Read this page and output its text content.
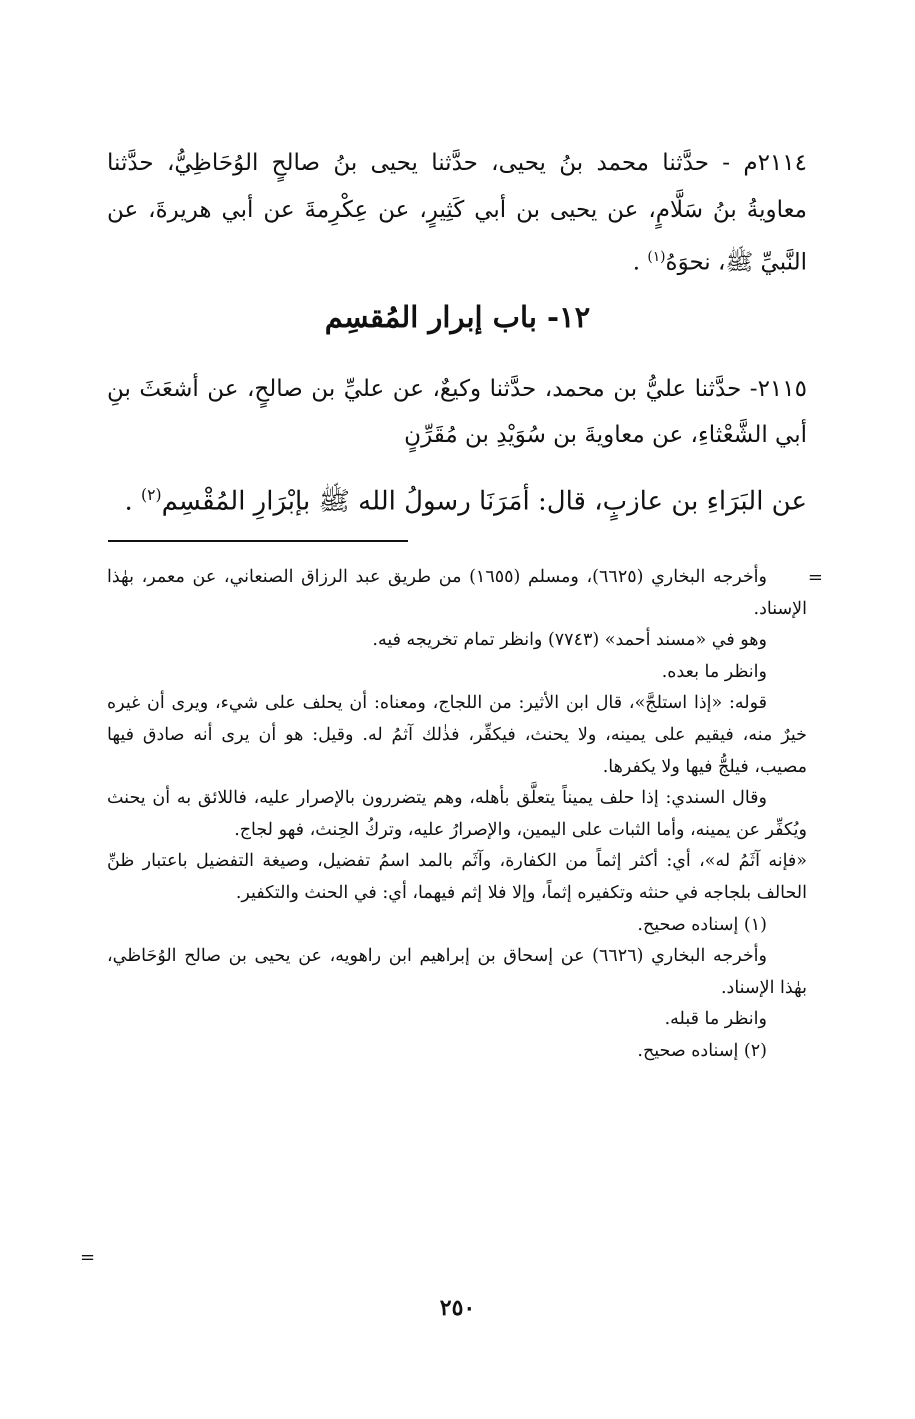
٢١١٤م - حدَّثنا محمد بنُ يحيى، حدَّثنا يحيى بنُ صالحٍ الوُحَاظِيُّ، حدَّثنا معاويةُ بنُ سَلَّامٍ، عن يحيى بن أبي كَثِيرٍ، عن عِكْرِمةَ عن أبي هريرةَ، عن النَّبيِّ ﷺ، نحوَهُ$^{(١)}$ .

١٢- باب إبرار المُقسِم

٢١١٥- حدَّثنا عليُّ بن محمد، حدَّثنا وكيعٌ، عن عليِّ بن صالحٍ، عن أشعَثَ بنِ أبي الشَّعْثاءِ، عن معاويةَ بن سُوَيْدِ بن مُقَرِّنٍ

عن البَرَاءِ بن عازبٍ، قال: أمَرَنَا رسولُ الله ﷺ بإبْرَارِ المُقْسِم$^{(٢)}$ .

=

وأخرجه البخاري (٦٦٢٥)، ومسلم (١٦٥٥) من طريق عبد الرزاق الصنعاني، عن معمر، بهٰذا الإسناد.

وهو في «مسند أحمد» (٧٧٤٣) وانظر تمام تخريجه فيه.

وانظر ما بعده.

قوله: «إذا استلجَّ»، قال ابن الأثير: من اللجاج، ومعناه: أن يحلف على شيء، ويرى أن غيره خيرٌ منه، فيقيم على يمينه، ولا يحنث، فيكفِّر، فذٰلك آثمُ له. وقيل: هو أن يرى أنه صادق فيها مصيب، فيلجُّ فيها ولا يكفرها.

وقال السندي: إذا حلف يميناً يتعلَّق بأهله، وهم يتضررون بالإصرار عليه، فاللائق به أن يحنث ويُكفِّر عن يمينه، وأما الثبات على اليمين، والإصرارُ عليه، وتركُ الحِنث، فهو لجاج.

«فإنه آثَمُ له»، أي: أكثر إثماً من الكفارة، وآثَم بالمد اسمُ تفضيل، وصيغة التفضيل باعتبار ظنِّ الحالف بلجاجه في حنثه وتكفيره إثماً، وإلا فلا إثم فيهما، أي: في الحنث والتكفير.

(١) إسناده صحيح.

وأخرجه البخاري (٦٦٢٦) عن إسحاق بن إبراهيم ابن راهويه، عن يحيى بن صالح الوُحَاظي، بهٰذا الإسناد.

وانظر ما قبله.

(٢) إسناده صحيح.

=
٢٥٠
